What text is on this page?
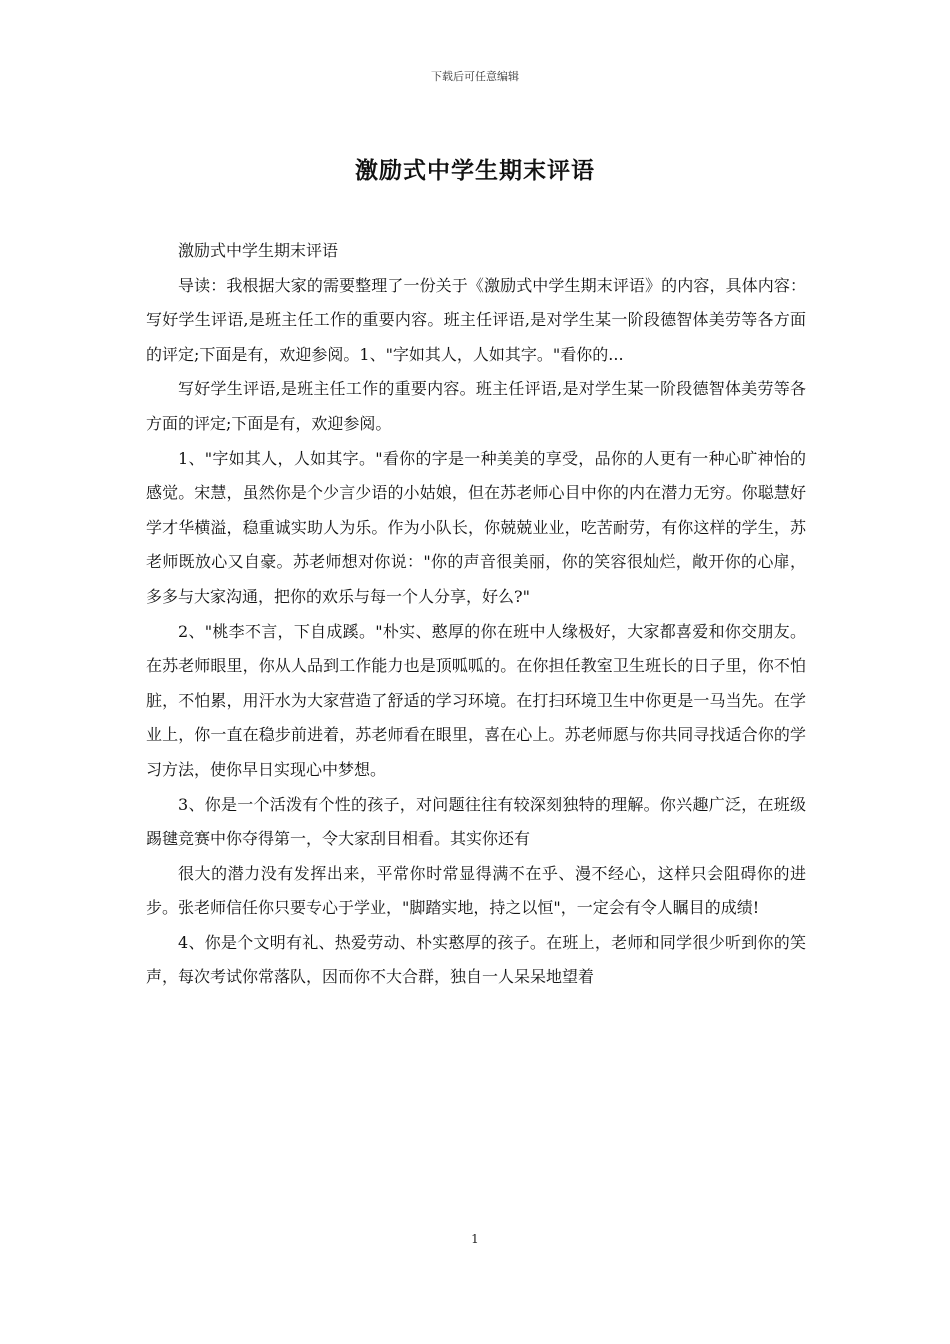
下载后可任意编辑
激励式中学生期末评语

激励式中学生期末评语

导读：我根据大家的需要整理了一份关于《激励式中学生期末评语》的内容，具体内容：写好学生评语,是班主任工作的重要内容。班主任评语,是对学生某一阶段德智体美劳等各方面的评定;下面是有，欢迎参阅。1、"字如其人，人如其字。"看你的...

写好学生评语,是班主任工作的重要内容。班主任评语,是对学生某一阶段德智体美劳等各方面的评定;下面是有，欢迎参阅。

1、"字如其人，人如其字。"看你的字是一种美美的享受，品你的人更有一种心旷神怡的感觉。宋慧，虽然你是个少言少语的小姑娘，但在苏老师心目中你的内在潜力无穷。你聪慧好学才华横溢，稳重诚实助人为乐。作为小队长，你兢兢业业，吃苦耐劳，有你这样的学生，苏老师既放心又自豪。苏老师想对你说："你的声音很美丽，你的笑容很灿烂，敞开你的心扉，多多与大家沟通，把你的欢乐与每一个人分享，好么?"

2、"桃李不言，下自成蹊。"朴实、憨厚的你在班中人缘极好，大家都喜爱和你交朋友。在苏老师眼里，你从人品到工作能力也是顶呱呱的。在你担任教室卫生班长的日子里，你不怕脏，不怕累，用汗水为大家营造了舒适的学习环境。在打扫环境卫生中你更是一马当先。在学业上，你一直在稳步前进着，苏老师看在眼里，喜在心上。苏老师愿与你共同寻找适合你的学习方法，使你早日实现心中梦想。

3、你是一个活泼有个性的孩子，对问题往往有较深刻独特的理解。你兴趣广泛，在班级踢毽竞赛中你夺得第一，令大家刮目相看。其实你还有

很大的潜力没有发挥出来，平常你时常显得满不在乎、漫不经心，这样只会阻碍你的进步。张老师信任你只要专心于学业，"脚踏实地，持之以恒"，一定会有令人瞩目的成绩!

4、你是个文明有礼、热爱劳动、朴实憨厚的孩子。在班上，老师和同学很少听到你的笑声，每次考试你常落队，因而你不大合群，独自一人呆呆地望着

1
